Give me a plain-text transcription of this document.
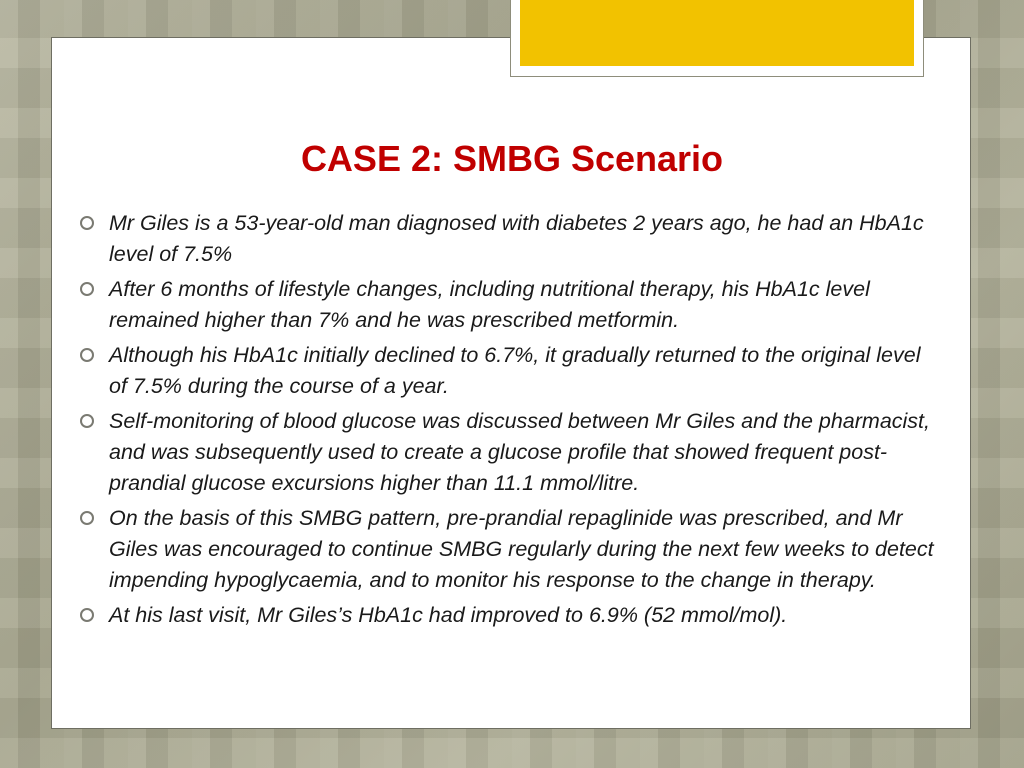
CASE 2: SMBG Scenario
Mr Giles is a 53-year-old man diagnosed with diabetes 2 years ago, he had an HbA1c level of 7.5%
After 6 months of lifestyle changes, including nutritional therapy, his HbA1c level remained higher than 7% and he was prescribed metformin.
Although his HbA1c initially declined to 6.7%, it gradually returned to the original level of 7.5% during the course of a year.
Self-monitoring of blood glucose was discussed between Mr Giles and the pharmacist, and was subsequently used to create a glucose profile that showed frequent post-prandial glucose excursions higher than 11.1 mmol/litre.
On the basis of this SMBG pattern, pre-prandial repaglinide was prescribed, and Mr Giles was encouraged to continue SMBG regularly during the next few weeks to detect impending hypoglycaemia, and to monitor his response to the change in therapy.
At his last visit, Mr Giles’s HbA1c had improved to 6.9% (52 mmol/mol).
